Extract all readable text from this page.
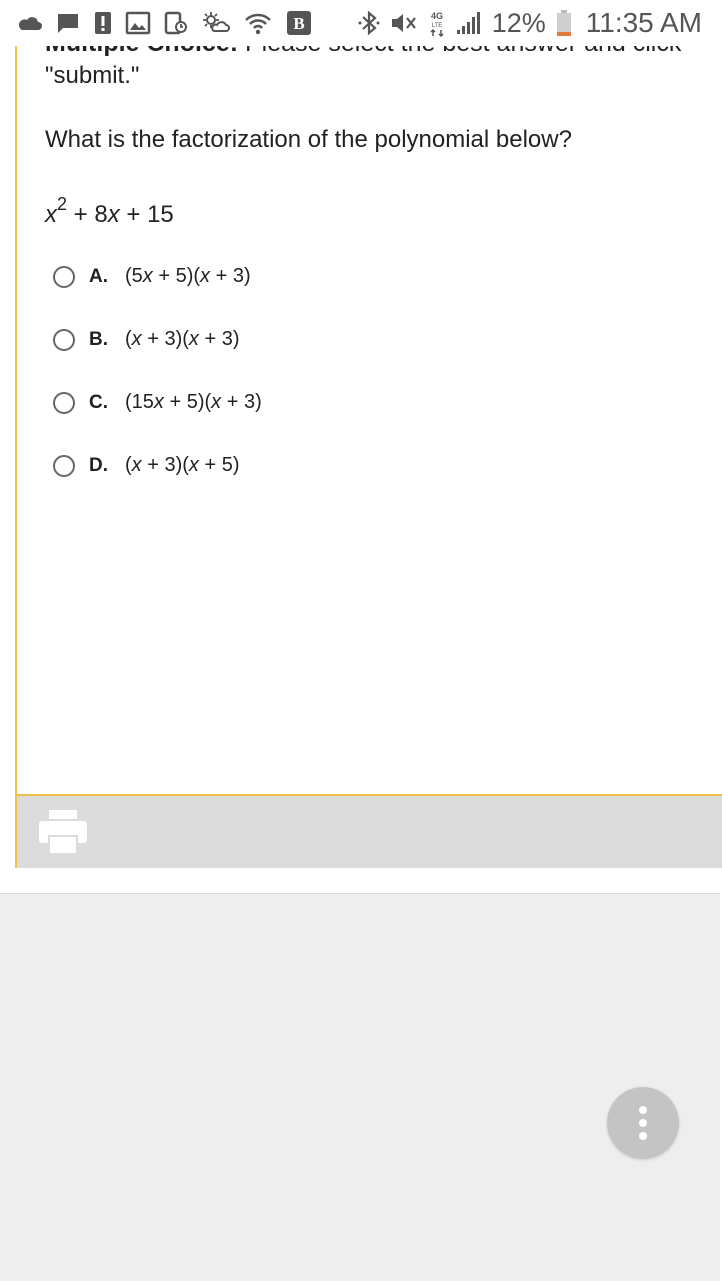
B	4G
LTE 12% 11:35 AM
"submit."
What is the factorization of the polynomial below?
$x^2 + 8x + 15$
A. (5x + 5)(x + 3)
B. (x + 3)(x + 3)
C. (15x + 5)(x + 3)
D. (x + 3)(x + 5)
